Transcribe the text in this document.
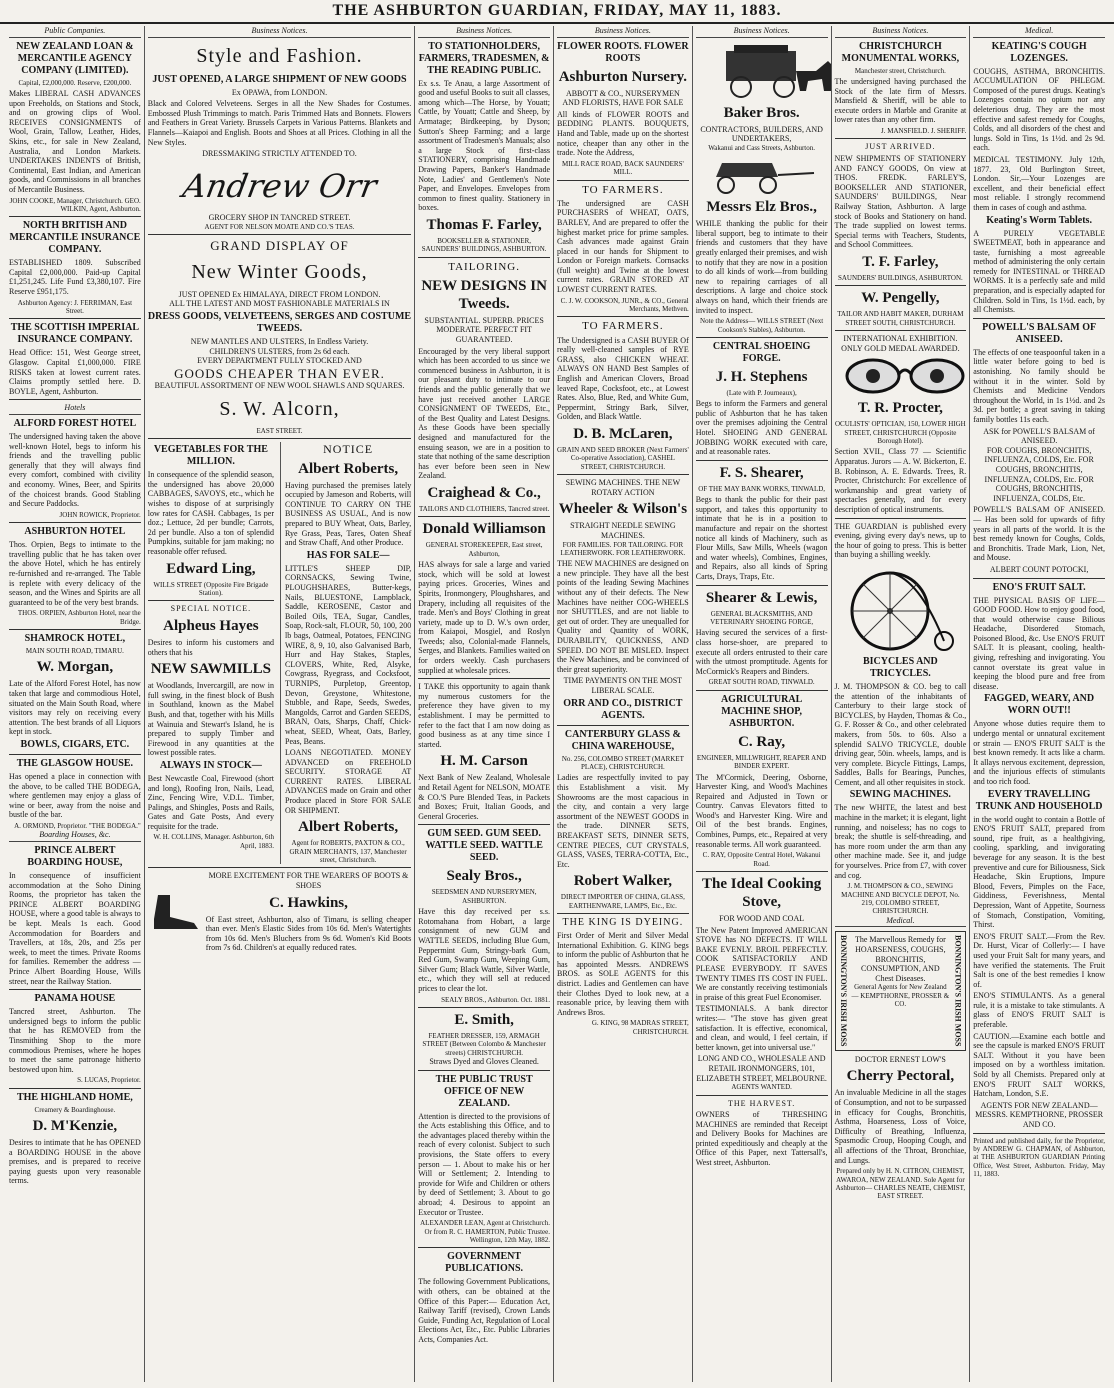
THE ASHBURTON GUARDIAN, FRIDAY, MAY 11, 1883.
Public Companies.
NEW ZEALAND LOAN & MERCANTILE AGENCY COMPANY (LIMITED).
Capital, £2,000,000. Reserve, £200,000.
Makes LIBERAL CASH ADVANCES upon Freeholds, on Stations and Stock, and on growing clips of Wool. RECEIVES CONSIGNMENTS of Wool, Grain, Tallow, Leather, Hides, Skins, etc., for sale in New Zealand, Australia, and London Markets. UNDERTAKES INDENTS of British, Continental, East Indian, and American goods, and Commissions in all branches of Mercantile Business.
JOHN COOKE, Manager, Christchurch. GEO. WILKIN, Agent, Ashburton.
NORTH BRITISH AND MERCANTILE INSURANCE COMPANY.
ESTABLISHED 1809. Subscribed Capital £2,000,000. Paid-up Capital £1,251,245. Life Fund £3,380,107. Fire Reserve £951,175.
Ashburton Agency: J. FERRIMAN, East Street.
THE SCOTTISH IMPERIAL INSURANCE COMPANY.
Head Office: 151, West George street, Glasgow. Capital £1,000,000. FIRE RISKS taken at lowest current rates. Claims promptly settled here. D. BOYLE, Agent, Ashburton.
Hotels
ALFORD FOREST HOTEL
The undersigned having taken the above well-known Hotel, begs to inform his friends and the travelling public generally that they will always find every comfort, combined with civility and economy. Wines, Beer, and Spirits of the choicest brands. Good Stabling and Secure Paddocks.
JOHN ROWICK, Proprietor.
ASHBURTON HOTEL
Thos. Orpien, Begs to intimate to the travelling public that he has taken over the above Hotel, which he has entirely re-furnished and re-arranged. The Table is replete with every delicacy of the season, and the Wines and Spirits are all guaranteed to be of the very best brands.
THOS. ORPIEN, Ashburton Hotel, near the Bridge.
SHAMROCK HOTEL,
MAIN SOUTH ROAD, TIMARU.
W. Morgan,
Late of the Alford Forest Hotel, has now taken that large and commodious Hotel, situated on the Main South Road, where visitors may rely on receiving every attention. The best brands of all Liquors kept in stock.
BOWLS, CIGARS, ETC.
THE GLASGOW HOUSE.
Has opened a place in connection with the above, to be called THE BODEGA, where gentlemen may enjoy a glass of wine or beer, away from the noise and bustle of the bar.
A. ORMOND, Proprietor. "THE BODEGA."
Boarding Houses, &c.
PRINCE ALBERT BOARDING HOUSE,
In consequence of insufficient accommodation at the Soho Dining Rooms, the proprietor has taken the PRINCE ALBERT BOARDING HOUSE, where a good table is always to be kept. Meals 1s each. Good Accommodation for Boarders and Travellers, at 18s, 20s, and 25s per week, to meet the times. Private Rooms for families. Remember the address — Prince Albert Boarding House, Wills street, near the Railway Station.
PANAMA HOUSE
Tancred street, Ashburton. The undersigned begs to inform the public that he has REMOVED from the Tinsmithing Shop to the more commodious Premises, where he hopes to meet the same patronage hitherto bestowed upon him.
S. LUCAS, Proprietor.
THE HIGHLAND HOME,
Creamery & Boardinghouse.
D. M'Kenzie,
Desires to intimate that he has OPENED a BOARDING HOUSE in the above premises, and is prepared to receive paying guests upon very reasonable terms.
Business Notices.
Style and Fashion.
JUST OPENED, A LARGE SHIPMENT OF NEW GOODS
Ex OPAWA, from LONDON.
Black and Colored Velveteens. Serges in all the New Shades for Costumes. Embossed Plush Trimmings to match. Paris Trimmed Hats and Bonnets. Flowers and Feathers in Great Variety. Brussels Carpets in Various Patterns. Blankets and Flannels—Kaiapoi and English. Boots and Shoes at all Prices. Clothing in all the New Styles.
DRESSMAKING STRICTLY ATTENDED TO.
Andrew Orr
GROCERY SHOP IN TANCRED STREET.
AGENT FOR NELSON MOATE AND CO.'S TEAS.
GRAND DISPLAY OF
New Winter Goods,
JUST OPENED Ex HIMALAYA, DIRECT FROM LONDON.
ALL THE LATEST AND MOST FASHIONABLE MATERIALS IN
DRESS GOODS, VELVETEENS, SERGES AND COSTUME TWEEDS.
NEW MANTLES AND ULSTERS, In Endless Variety.
CHILDREN'S ULSTERS, from 2s 6d each.
EVERY DEPARTMENT FULLY STOCKED AND
GOODS CHEAPER THAN EVER.
BEAUTIFUL ASSORTMENT OF NEW WOOL SHAWLS AND SQUARES.
S. W. Alcorn,
EAST STREET.
VEGETABLES FOR THE MILLION.
In consequence of the splendid season, the undersigned has above 20,000 CABBAGES, SAVOYS, etc., which he wishes to dispose of at surprisingly low rates for CASH. Cabbages, 1s per doz.; Lettuce, 2d per bundle; Carrots, 2d per bundle. Also a ton of splendid Pumpkins, suitable for jam making; no reasonable offer refused.
Edward Ling,
WILLS STREET (Opposite Fire Brigade Station).
SPECIAL NOTICE.
Alpheus Hayes
Desires to inform his customers and others that his
NEW SAWMILLS
at Woodlands, Invercargill, are now in full swing, in the finest block of Bush in Southland, known as the Mabel Bush, and that, together with his Mills at Wainuia and Stewart's Island, he is prepared to supply Timber and Firewood in any quantities at the lowest possible rates.
ALWAYS IN STOCK—
Best Newcastle Coal, Firewood (short and long), Roofing Iron, Nails, Lead, Zinc, Fencing Wire, V.D.L. Timber, Palings, and Shingles, Posts and Rails, Gates and Gate Posts, And every requisite for the trade.
W. H. COLLINS, Manager. Ashburton, 6th April, 1883.
NOTICE
Albert Roberts,
Having purchased the premises lately occupied by Jameson and Roberts, will CONTINUE TO CARRY ON THE BUSINESS AS USUAL, And is now prepared to BUY Wheat, Oats, Barley, Rye Grass, Peas, Tares, Oaten Sheaf and Straw Chaff, And other Produce.
HAS FOR SALE—
LITTLE'S SHEEP DIP, CORNSACKS, Sewing Twine, PLOUGHSHARES, Butter-kegs, Nails, BLUESTONE, Lampblack, Saddle, KEROSENE, Castor and Boiled Oils, TEA, Sugar, Candles, Soap, Rock-salt, FLOUR, 50, 100, 200 lb bags, Oatmeal, Potatoes, FENCING WIRE, 8, 9, 10, also Galvanised Barb, Hurr and Hay Stakes, Staples, CLOVERS, White, Red, Alsyke, Cowgrass, Ryegrass, and Cocksfoot, TURNIPS, Purpletop, Greentop, Devon, Greystone, Whitestone, Stubble, and Rape, Seeds, Swedes, Mangolds, Carrot and Garden SEEDS, BRAN, Oats, Sharps, Chaff, Chick-wheat, SEED, Wheat, Oats, Barley, Peas, Beans.
LOANS NEGOTIATED. MONEY ADVANCED on FREEHOLD SECURITY. STORAGE AT CURRENT RATES. LIBERAL ADVANCES made on Grain and other Produce placed in Store FOR SALE OR SHIPMENT.
Albert Roberts,
Agent for ROBERTS, PAXTON & CO., GRAIN MERCHANTS, 137, Manchester street, Christchurch.
MORE EXCITEMENT FOR THE WEARERS OF BOOTS & SHOES
C. Hawkins,
Of East street, Ashburton, also of Timaru, is selling cheaper than ever. Men's Elastic Sides from 10s 6d. Men's Watertights from 10s 6d. Men's Bluchers from 9s 6d. Women's Kid Boots from 7s 6d. Children's at equally reduced rates.
Business Notices.
TO STATIONHOLDERS, FARMERS, TRADESMEN, & THE READING PUBLIC.
Ex s.s. Te Anau, a large Assortment of good and useful Books to suit all classes, among which—The Horse, by Youatt; Cattle, by Youatt; Cattle and Sheep, by Armatage; Birdkeeping, by Dyson; Sutton's Sheep Farming; and a large assortment of Tradesmen's Manuals; also a large Stock of first-class STATIONERY, comprising Handmade Drawing Papers, Banker's Handmade Note, Ladies' and Gentlemen's Note Paper, and Envelopes. Envelopes from common to finest quality. Stationery in boxes.
Thomas F. Farley,
BOOKSELLER & STATIONER, SAUNDERS' BUILDINGS, ASHBURTON.
TAILORING.
NEW DESIGNS IN Tweeds.
SUBSTANTIAL. SUPERB. PRICES MODERATE. PERFECT FIT GUARANTEED.
Encouraged by the very liberal support which has been accorded to us since we commenced business in Ashburton, it is our pleasant duty to intimate to our friends and the public generally that we have just received another LARGE CONSIGNMENT OF TWEEDS, Etc., of the Best Quality and Latest Designs. As these Goods have been specially designed and manufactured for the ensuing season, we are in a position to state that nothing of the same description has ever before been seen in New Zealand.
Craighead & Co.,
TAILORS AND CLOTHIERS, Tancred street.
Donald Williamson
GENERAL STOREKEEPER, East street, Ashburton,
HAS always for sale a large and varied stock, which will be sold at lowest paying prices. Groceries, Wines and Spirits, Ironmongery, Ploughshares, and Drapery, including all requisites of the trade. Men's and Boys' Clothing in great variety, made up to D. W.'s own order, from Kaiapoi, Mosgiel, and Roslyn Tweeds; also, Colonial-made Flannels, Serges, and Blankets. Families waited on for orders weekly. Cash purchasers supplied at wholesale prices.
I TAKE this opportunity to again thank my numerous customers for the preference they have given to my establishment. I may be permitted to refer to the fact that I am now doing as good business as at any time since I started.
H. M. Carson
Next Bank of New Zealand, Wholesale and Retail Agent for NELSON, MOATE & CO.'S Pure Blended Teas, in Packets and Boxes; Fruit, Italian Goods, and General Groceries.
GUM SEED. GUM SEED. WATTLE SEED. WATTLE SEED.
Sealy Bros.,
SEEDSMEN AND NURSERYMEN, ASHBURTON.
Have this day received per s.s. Rotomahana from Hobart, a large consignment of new GUM and WATTLE SEEDS, including Blue Gum, Peppermint Gum, Stringy-bark Gum, Red Gum, Swamp Gum, Weeping Gum, Silver Gum; Black Wattle, Silver Wattle, etc., which they will sell at reduced prices to clear the lot.
SEALY BROS., Ashburton. Oct. 1881.
E. Smith,
FEATHER DRESSER, 159, ARMAGH STREET (Between Colombo & Manchester streets) CHRISTCHURCH.
Straws Dyed and Gloves Cleaned.
THE PUBLIC TRUST OFFICE OF NEW ZEALAND.
Attention is directed to the provisions of the Acts establishing this Office, and to the advantages placed thereby within the reach of every colonist. Subject to such provisions, the State offers to every person — 1. About to make his or her Will or Settlement; 2. Intending to provide for Wife and Children or others by deed of Settlement; 3. About to go abroad; 4. Desirous to appoint an Executor or Trustee.
ALEXANDER LEAN, Agent at Christchurch. Or from R. C. HAMERTON, Public Trustee. Wellington, 12th May, 1882.
GOVERNMENT PUBLICATIONS.
The following Government Publications, with others, can be obtained at the Office of this Paper:— Education Act, Railway Tariff (revised), Crown Lands Guide, Funding Act, Regulation of Local Elections Act, Etc., Etc. Public Libraries Acts, Companies Act.
Business Notices.
FLOWER ROOTS. FLOWER ROOTS
Ashburton Nursery.
ABBOTT & CO., NURSERYMEN AND FLORISTS, HAVE FOR SALE
All kinds of FLOWER ROOTS and BEDDING PLANTS. BOUQUETS, Hand and Table, made up on the shortest notice, cheaper than any other in the trade. Note the Address,
MILL RACE ROAD, BACK SAUNDERS' MILL.
TO FARMERS.
The undersigned are CASH PURCHASERS of WHEAT, OATS, BARLEY, And are prepared to offer the highest market price for prime samples. Cash advances made against Grain placed in our hands for Shipment to London or Foreign markets. Cornsacks (full weight) and Twine at the lowest current rates. GRAIN STORED AT LOWEST CURRENT RATES.
C. J. W. COOKSON, JUNR., & CO., General Merchants, Methven.
TO FARMERS.
The Undersigned is a CASH BUYER Of really well-cleaned samples of RYE GRASS, also CHICKEN WHEAT. ALWAYS ON HAND Best Samples of English and American Clovers, Broad leaved Rape, Cocksfoot, etc., at Lowest Rates. Also, Blue, Red, and White Gum, Peppermint, Stringy Bark, Silver, Golden, and Black Wattle.
D. B. McLaren,
GRAIN AND SEED BROKER (Next Farmers' Co-operative Association), CASHEL STREET, CHRISTCHURCH.
SEWING MACHINES. THE NEW ROTARY ACTION
Wheeler & Wilson's
STRAIGHT NEEDLE SEWING MACHINES.
FOR FAMILIES. FOR TAILORING. FOR LEATHERWORK. FOR LEATHERWORK.
THE NEW MACHINES are designed on a new principle. They have all the best points of the leading Sewing Machines without any of their defects. The New Machines have neither COG-WHEELS nor SHUTTLES, and are not liable to get out of order. They are unequalled for Quality and Quantity of WORK, DURABILITY, QUICKNESS, AND SPEED. DO NOT BE MISLED. Inspect the New Machines, and be convinced of their great superiority.
TIME PAYMENTS ON THE MOST LIBERAL SCALE.
ORR AND CO., DISTRICT AGENTS.
CANTERBURY GLASS & CHINA WAREHOUSE,
No. 256, COLOMBO STREET (MARKET PLACE), CHRISTCHURCH.
Ladies are respectfully invited to pay this Establishment a visit. My Showrooms are the most capacious in the city, and contain a very large assortment of the NEWEST GOODS in the trade. DINNER SETS, BREAKFAST SETS, DINNER SETS, CENTRE PIECES, CUT CRYSTALS, GLASS, VASES, TERRA-COTTA, Etc., Etc.
Robert Walker,
DIRECT IMPORTER OF CHINA, GLASS, EARTHENWARE, LAMPS, Etc., Etc.
THE KING IS DYEING.
First Order of Merit and Silver Medal International Exhibition. G. KING begs to inform the public of Ashburton that he has appointed Messrs. ANDREWS BROS. as SOLE AGENTS for this district. Ladies and Gentlemen can have their Clothes Dyed to look new, at a reasonable price, by leaving them with Andrews Bros.
G. KING, 98 MADRAS STREET, CHRISTCHURCH.
Business Notices.
Baker Bros.
CONTRACTORS, BUILDERS, AND UNDERTAKERS,
Wakanui and Cass Streets, Ashburton.
Messrs Elz Bros.,
WHILE thanking the public for their liberal support, beg to intimate to their friends and customers that they have greatly enlarged their premises, and wish to notify that they are now in a position to do all kinds of work—from building new to repairing carriages of all descriptions. A large and choice stock always on hand, which their friends are invited to inspect.
Note the Address— WILLS STREET (Next Cookson's Stables), Ashburton.
CENTRAL SHOEING FORGE.
J. H. Stephens
(Late with P. Journeaux),
Begs to inform the Farmers and general public of Ashburton that he has taken over the premises adjoining the Central Hotel. SHOEING AND GENERAL JOBBING WORK executed with care, and at reasonable rates.
F. S. Shearer,
OF THE MAY BANK WORKS, TINWALD,
Begs to thank the public for their past support, and takes this opportunity to intimate that he is in a position to manufacture and repair on the shortest notice all kinds of Machinery, such as Flour Mills, Saw Mills, Wheels (wagon and water wheels), Combines, Engines, and Repairs, also all kinds of Spring Carts, Drays, Traps, Etc.
Shearer & Lewis,
GENERAL BLACKSMITHS, AND VETERINARY SHOEING FORGE,
Having secured the services of a first-class horse-shoer, are prepared to execute all orders entrusted to their care with the utmost promptitude. Agents for McCormick's Reapers and Binders.
GREAT SOUTH ROAD, TINWALD.
AGRICULTURAL MACHINE SHOP, ASHBURTON.
C. Ray,
ENGINEER, MILLWRIGHT, REAPER AND BINDER EXPERT.
The M'Cormick, Deering, Osborne, Harvester King, and Wood's Machines Repaired and Adjusted in Town or Country. Canvas Elevators fitted to Wood's and Harvester King. Wire and Oil of the best brands. Engines, Combines, Pumps, etc., Repaired at very reasonable terms. All work guaranteed.
C. RAY, Opposite Central Hotel, Wakanui Road.
The Ideal Cooking Stove,
FOR WOOD AND COAL
The New Patent Improved AMERICAN STOVE has NO DEFECTS. IT WILL BAKE EVENLY. BROIL PERFECTLY. COOK SATISFACTORILY AND PLEASE EVERYBODY. IT SAVES TWENTY TIMES ITS COST IN FUEL. We are constantly receiving testimonials in praise of this great Fuel Economiser.
TESTIMONIALS. A bank director writes:— "The stove has given great satisfaction. It is effective, economical, and clean, and would, I feel certain, if better known, get into universal use."
LONG AND CO., WHOLESALE AND RETAIL IRONMONGERS, 101, ELIZABETH STREET, MELBOURNE.
AGENTS WANTED.
THE HARVEST.
OWNERS of THRESHING MACHINES are reminded that Receipt and Delivery Books for Machines are printed expeditiously and cheaply at the Office of this Paper, next Tattersall's, West street, Ashburton.
Business Notices.
CHRISTCHURCH MONUMENTAL WORKS,
Manchester street, Christchurch.
The undersigned having purchased the Stock of the late firm of Messrs. Mansfield & Sheriff, will be able to execute orders in Marble and Granite at lower rates than any other firm.
J. MANSFIELD. J. SHERIFF.
JUST ARRIVED.
NEW SHIPMENTS OF STATIONERY AND FANCY GOODS, On view at THOS. FREDK. FARLEY'S, BOOKSELLER AND STATIONER, SAUNDERS' BUILDINGS, Near Railway Station, Ashburton. A large stock of Books and Stationery on hand. The trade supplied on lowest terms. Special terms with Teachers, Students, and School Committees.
T. F. Farley,
SAUNDERS' BUILDINGS, ASHBURTON.
W. Pengelly,
TAILOR AND HABIT MAKER, DURHAM STREET SOUTH, CHRISTCHURCH.
INTERNATIONAL EXHIBITION. ONLY GOLD MEDAL AWARDED.
T. R. Procter,
OCULISTS' OPTICIAN, 150, LOWER HIGH STREET, CHRISTCHURCH (Opposite Borough Hotel).
Section XVII., Class 77 — Scientific Apparatus. Jurors — A. W. Bickerton, E. B. Robinson, A. E. Edwards. Trees, R. Procter, Christchurch: For excellence of workmanship and great variety of spectacles generally, and for every description of optical instruments.
THE GUARDIAN is published every evening, giving every day's news, up to the hour of going to press. This is better than buying a shilling weekly.
BICYCLES AND TRICYCLES.
J. M. THOMPSON & CO. beg to call the attention of the inhabitants of Canterbury to their large stock of BICYCLES, by Hayden, Thomas & Co., G. F. Rosser & Co., and other celebrated makers, from 50s. to 60s. Also a splendid SALVO TRICYCLE, double driving gear, 50in. wheels, lamps, and is very complete. Bicycle Fittings, Lamps, Saddles, Balls for Bearings, Punches, Cement, and all other requisites in stock.
SEWING MACHINES.
The new WHITE, the latest and best machine in the market; it is elegant, light running, and noiseless; has no cogs to break; the shuttle is self-threading, and has more room under the arm than any other machine made. See it, and judge for yourselves. Price from £7, with cover and cog.
J. M. THOMPSON & CO., SEWING MACHINE AND BICYCLE DEPOT, No. 219, COLOMBO STREET, CHRISTCHURCH.
Medical.
BONNINGTON'S IRISH MOSS The Marvellous Remedy for HOARSENESS, COUGHS, BRONCHITIS, CONSUMPTION, AND Chest Diseases.
General Agents for New Zealand— KEMPTHORNE, PROSSER & CO.	BONNINGTON'S IRISH MOSS
DOCTOR ERNEST LOW'S
Cherry Pectoral,
An invaluable Medicine in all the stages of Consumption, and not to be surpassed in efficacy for Coughs, Bronchitis, Asthma, Hoarseness, Loss of Voice, Difficulty of Breathing, Influenza, Spasmodic Croup, Hooping Cough, and all affections of the Throat, Bronchiae, and Lungs.
Prepared only by H. N. CITRON, CHEMIST, AWAROA, NEW ZEALAND. Sole Agent for Ashburton— CHARLES NEATE, CHEMIST, EAST STREET.
Medical.
KEATING'S COUGH LOZENGES.
COUGHS, ASTHMA, BRONCHITIS. ACCUMULATION OF PHLEGM. Composed of the purest drugs. Keating's Lozenges contain no opium nor any deleterious drug. They are the most effective and safest remedy for Coughs, Colds, and all disorders of the chest and lungs. Sold in Tins, 1s 1½d. and 2s 9d. each.
MEDICAL TESTIMONY. July 12th, 1877. 23, Old Burlington Street, London. Sir,—Your Lozenges are excellent, and their beneficial effect most reliable. I strongly recommend them in cases of cough and asthma.
Keating's Worm Tablets.
A PURELY VEGETABLE SWEETMEAT, both in appearance and taste, furnishing a most agreeable method of administering the only certain remedy for INTESTINAL or THREAD WORMS. It is a perfectly safe and mild preparation, and is especially adapted for Children. Sold in Tins, 1s 1½d. each, by all Chemists.
POWELL'S BALSAM OF ANISEED.
The effects of one teaspoonful taken in a little water before going to bed is astonishing. No family should be without it in the winter. Sold by Chemists and Medicine Vendors throughout the World, in 1s 1½d. and 2s 3d. per bottle; a great saving in taking family bottles 11s each.
ASK for POWELL'S BALSAM of ANISEED.
FOR COUGHS, BRONCHITIS, INFLUENZA, COLDS, Etc. FOR COUGHS, BRONCHITIS, INFLUENZA, COLDS, Etc. FOR COUGHS, BRONCHITIS, INFLUENZA, COLDS, Etc.
POWELL'S BALSAM OF ANISEED. — Has been sold for upwards of fifty years in all parts of the world. It is the best remedy known for Coughs, Colds, and Bronchitis. Trade Mark, Lion, Net, and Mouse.
ALBERT COUNT POTOCKI,
ENO'S FRUIT SALT.
THE PHYSICAL BASIS OF LIFE—GOOD FOOD. How to enjoy good food, that would otherwise cause Bilious Headache, Disordered Stomach, Poisoned Blood, &c. Use ENO'S FRUIT SALT. It is pleasant, cooling, health-giving, refreshing and invigorating. You cannot overstate its great value in keeping the blood pure and free from disease.
FAGGED, WEARY, AND WORN OUT!!
Anyone whose duties require them to undergo mental or unnatural excitement or strain — ENO'S FRUIT SALT is the best known remedy. It acts like a charm. It allays nervous excitement, depression, and the injurious effects of stimulants and too rich food.
EVERY TRAVELLING TRUNK AND HOUSEHOLD
in the world ought to contain a Bottle of ENO'S FRUIT SALT, prepared from sound, ripe fruit, as a healthgiving, cooling, sparkling, and invigorating beverage for any season. It is the best preventive and cure for Biliousness, Sick Headache, Skin Eruptions, Impure Blood, Fevers, Pimples on the Face, Giddiness, Feverishness, Mental Depression, Want of Appetite, Sourness of Stomach, Constipation, Vomiting, Thirst.
ENO'S FRUIT SALT.—From the Rev. Dr. Hurst, Vicar of Collerly:— I have used your Fruit Salt for many years, and have verified the statements. The Fruit Salt is one of the best remedies I know of.
ENO'S STIMULANTS. As a general rule, it is a mistake to take stimulants. A glass of ENO'S FRUIT SALT is preferable.
CAUTION.—Examine each bottle and see the capsule is marked ENO'S FRUIT SALT. Without it you have been imposed on by a worthless imitation. Sold by all Chemists. Prepared only at ENO'S FRUIT SALT WORKS, Hatcham, London, S.E.
AGENTS FOR NEW ZEALAND— MESSRS. KEMPTHORNE, PROSSER AND CO.
Printed and published daily, for the Proprietor, by ANDREW G. CHAPMAN, of Ashburton, at THE ASHBURTON GUARDIAN Printing Office, West Street, Ashburton. Friday, May 11, 1883.
